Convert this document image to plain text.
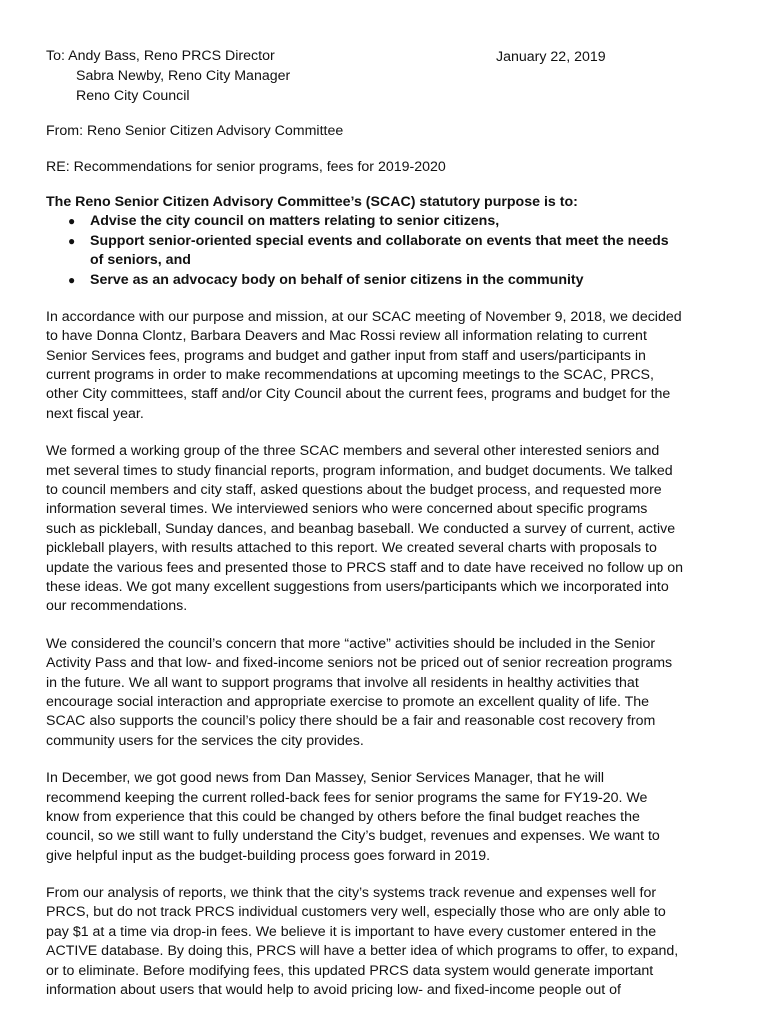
To: Andy Bass, Reno PRCS Director	January 22, 2019
Sabra Newby, Reno City Manager
Reno City Council
From: Reno Senior Citizen Advisory Committee
RE: Recommendations for senior programs, fees for 2019-2020
The Reno Senior Citizen Advisory Committee’s (SCAC) statutory purpose is to:
● Advise the city council on matters relating to senior citizens,
● Support senior-oriented special events and collaborate on events that meet the needs
of seniors, and
● Serve as an advocacy body on behalf of senior citizens in the community
In accordance with our purpose and mission, at our SCAC meeting of November 9, 2018, we decided
to have Donna Clontz, Barbara Deavers and Mac Rossi review all information relating to current
Senior Services fees, programs and budget and gather input from staff and users/participants in
current programs in order to make recommendations at upcoming meetings to the SCAC, PRCS,
other City committees, staff and/or City Council about the current fees, programs and budget for the
next fiscal year.
We formed a working group of the three SCAC members and several other interested seniors and
met several times to study financial reports, program information, and budget documents. We talked
to council members and city staff, asked questions about the budget process, and requested more
information several times. We interviewed seniors who were concerned about specific programs
such as pickleball, Sunday dances, and beanbag baseball. We conducted a survey of current, active
pickleball players, with results attached to this report. We created several charts with proposals to
update the various fees and presented those to PRCS staff and to date have received no follow up on
these ideas. We got many excellent suggestions from users/participants which we incorporated into
our recommendations.
We considered the council’s concern that more “active” activities should be included in the Senior
Activity Pass and that low- and fixed-income seniors not be priced out of senior recreation programs
in the future. We all want to support programs that involve all residents in healthy activities that
encourage social interaction and appropriate exercise to promote an excellent quality of life. The
SCAC also supports the council’s policy there should be a fair and reasonable cost recovery from
community users for the services the city provides.
In December, we got good news from Dan Massey, Senior Services Manager, that he will
recommend keeping the current rolled-back fees for senior programs the same for FY19-20. We
know from experience that this could be changed by others before the final budget reaches the
council, so we still want to fully understand the City’s budget, revenues and expenses. We want to
give helpful input as the budget-building process goes forward in 2019.
From our analysis of reports, we think that the city’s systems track revenue and expenses well for
PRCS, but do not track PRCS individual customers very well, especially those who are only able to
pay $1 at a time via drop-in fees. We believe it is important to have every customer entered in the
ACTIVE database. By doing this, PRCS will have a better idea of which programs to offer, to expand,
or to eliminate. Before modifying fees, this updated PRCS data system would generate important
information about users that would help to avoid pricing low- and fixed-income people out of
